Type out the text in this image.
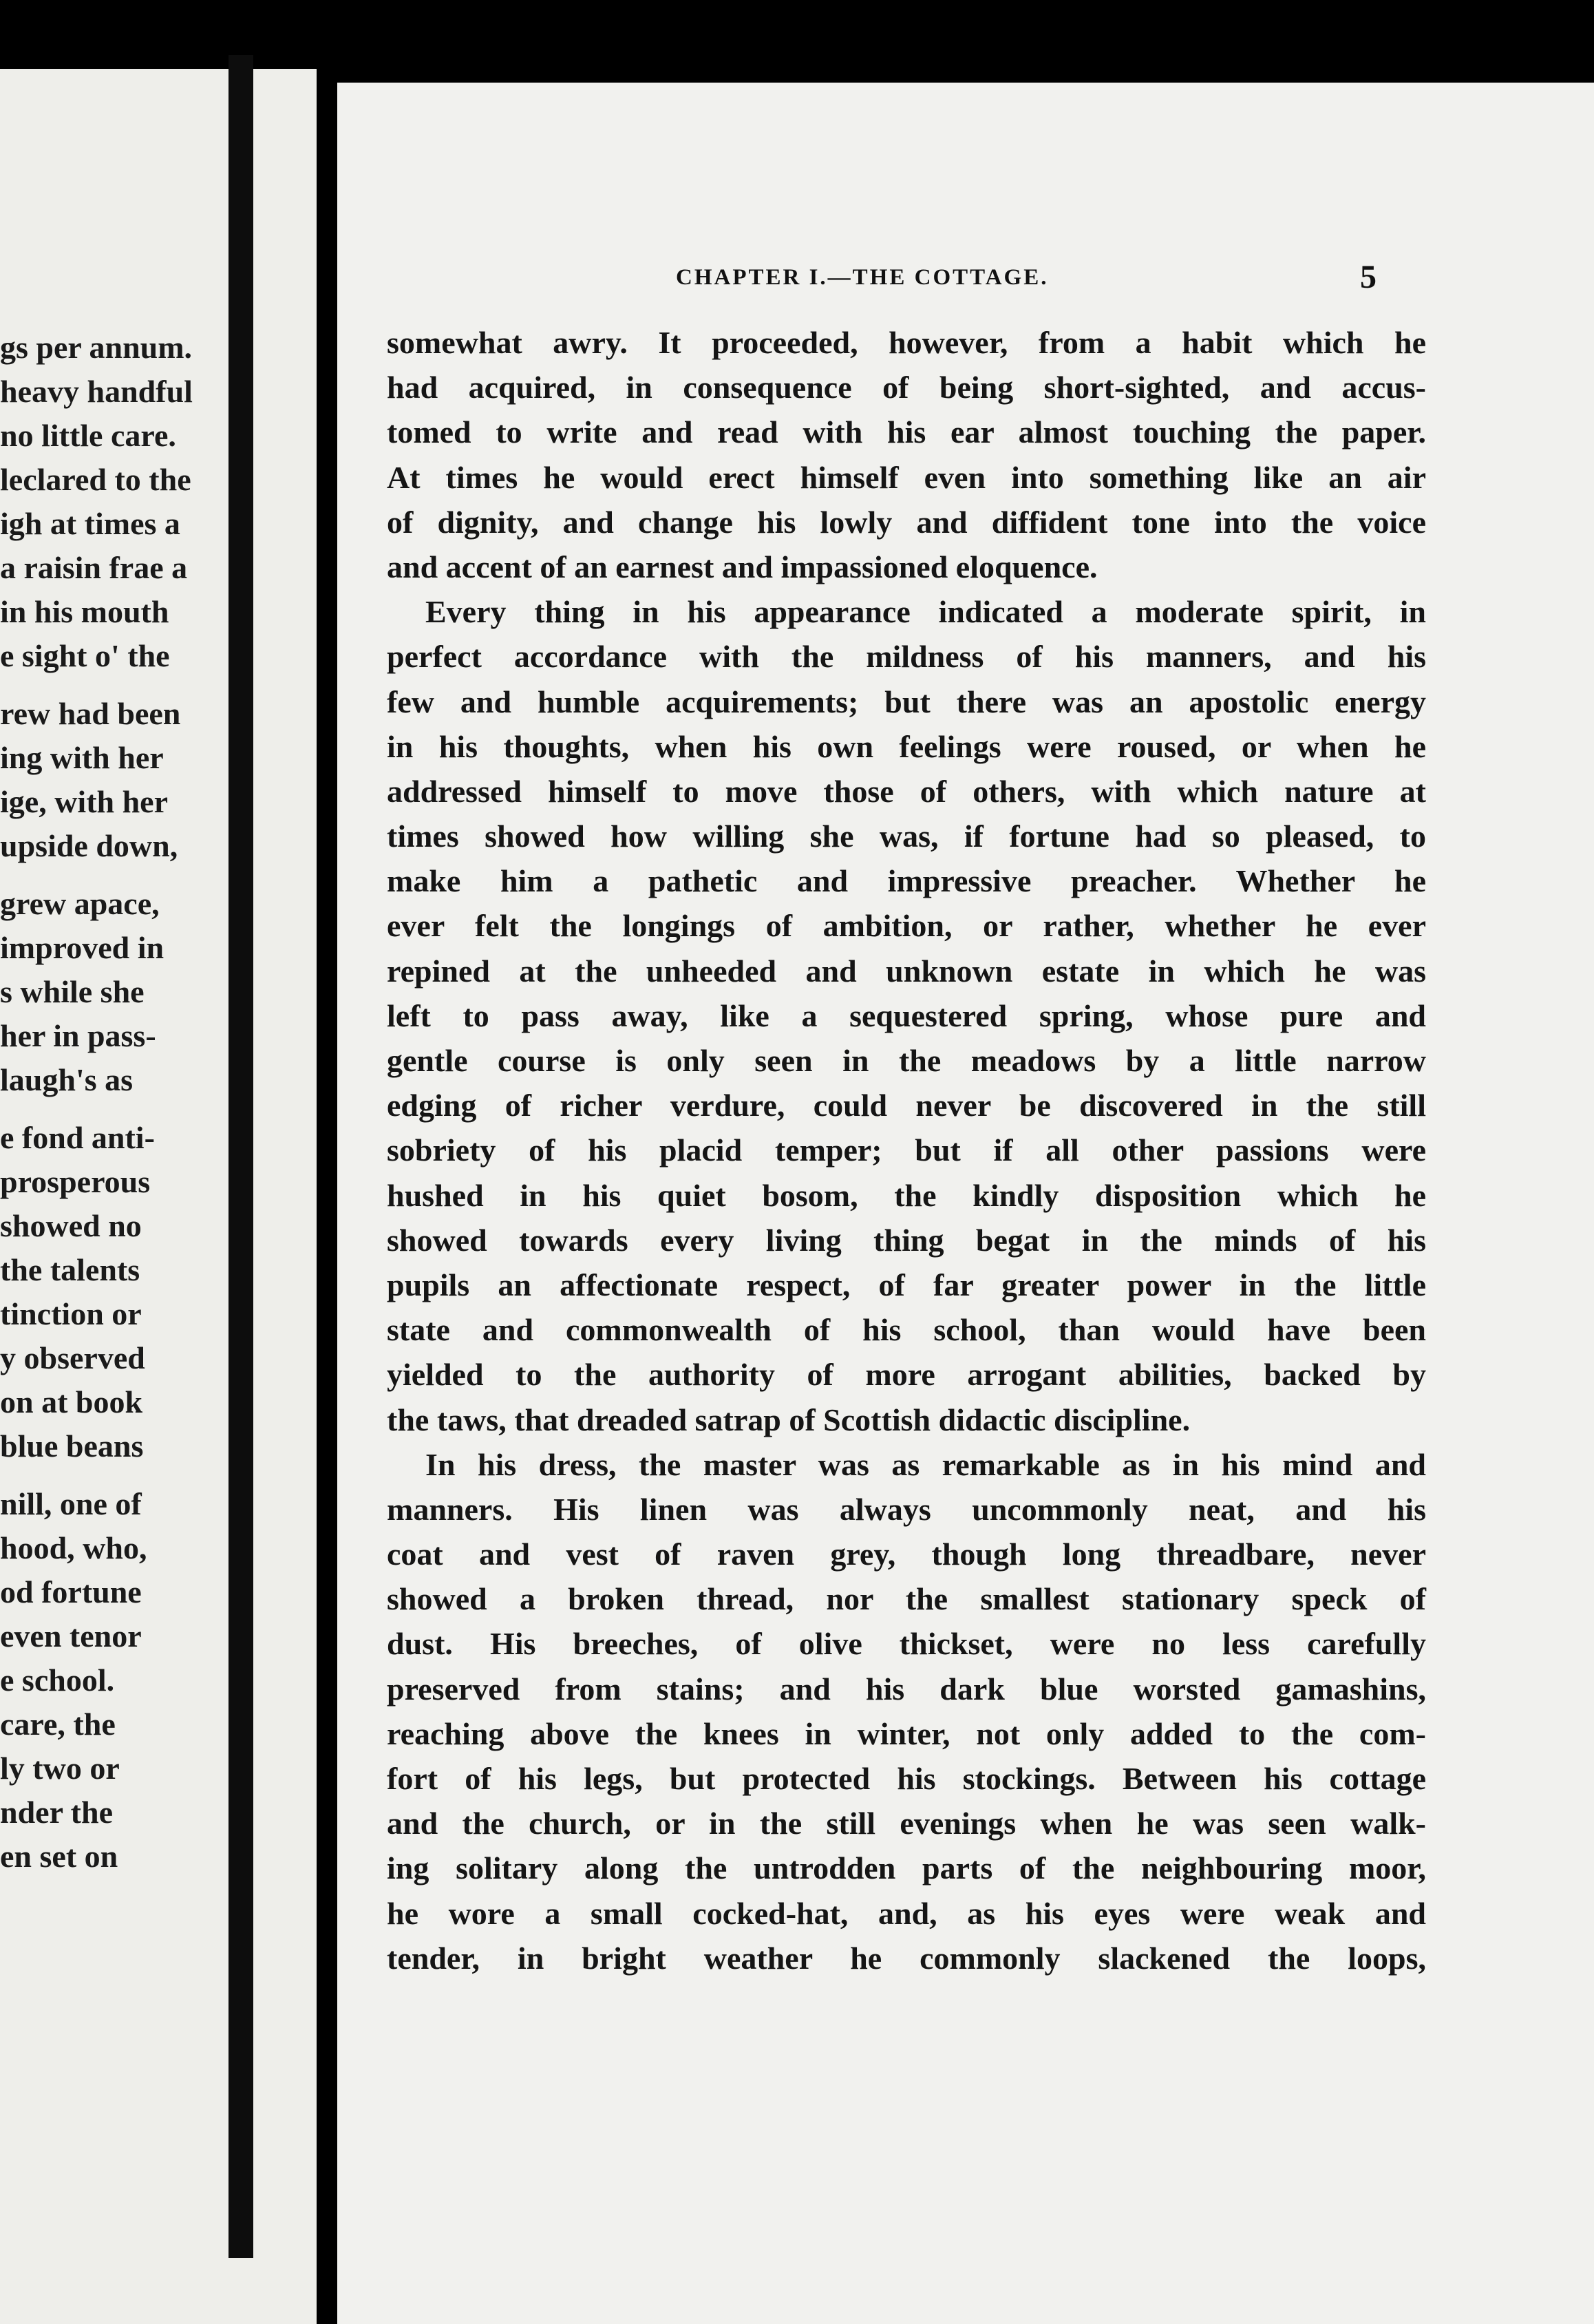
gs per annum.
heavy handful
no little care.
leclared to the
igh at times a
a raisin frae a
in his mouth
e sight o' the
rew had been
ing with her
ige, with her
upside down,
grew apace,
improved in
s while she
her in pass-
laugh's as
e fond anti-
prosperous
showed no
the talents
tinction or
y observed
on at book
blue beans
nill, one of
hood, who,
od fortune
even tenor
e school.
care, the
ly two or
nder the
en set on
CHAPTER I.—THE COTTAGE.	5
somewhat awry. It proceeded, however, from a habit which he
had acquired, in consequence of being short-sighted, and accus-
tomed to write and read with his ear almost touching the paper.
At times he would erect himself even into something like an air
of dignity, and change his lowly and diffident tone into the voice
and accent of an earnest and impassioned eloquence.
Every thing in his appearance indicated a moderate spirit, in
perfect accordance with the mildness of his manners, and his
few and humble acquirements; but there was an apostolic energy
in his thoughts, when his own feelings were roused, or when he
addressed himself to move those of others, with which nature at
times showed how willing she was, if fortune had so pleased, to
make him a pathetic and impressive preacher. Whether he
ever felt the longings of ambition, or rather, whether he ever
repined at the unheeded and unknown estate in which he was
left to pass away, like a sequestered spring, whose pure and
gentle course is only seen in the meadows by a little narrow
edging of richer verdure, could never be discovered in the still
sobriety of his placid temper; but if all other passions were
hushed in his quiet bosom, the kindly disposition which he
showed towards every living thing begat in the minds of his
pupils an affectionate respect, of far greater power in the little
state and commonwealth of his school, than would have been
yielded to the authority of more arrogant abilities, backed by
the taws, that dreaded satrap of Scottish didactic discipline.
In his dress, the master was as remarkable as in his mind and
manners. His linen was always uncommonly neat, and his
coat and vest of raven grey, though long threadbare, never
showed a broken thread, nor the smallest stationary speck of
dust. His breeches, of olive thickset, were no less carefully
preserved from stains; and his dark blue worsted gamashins,
reaching above the knees in winter, not only added to the com-
fort of his legs, but protected his stockings. Between his cottage
and the church, or in the still evenings when he was seen walk-
ing solitary along the untrodden parts of the neighbouring moor,
he wore a small cocked-hat, and, as his eyes were weak and
tender, in bright weather he commonly slackened the loops,
